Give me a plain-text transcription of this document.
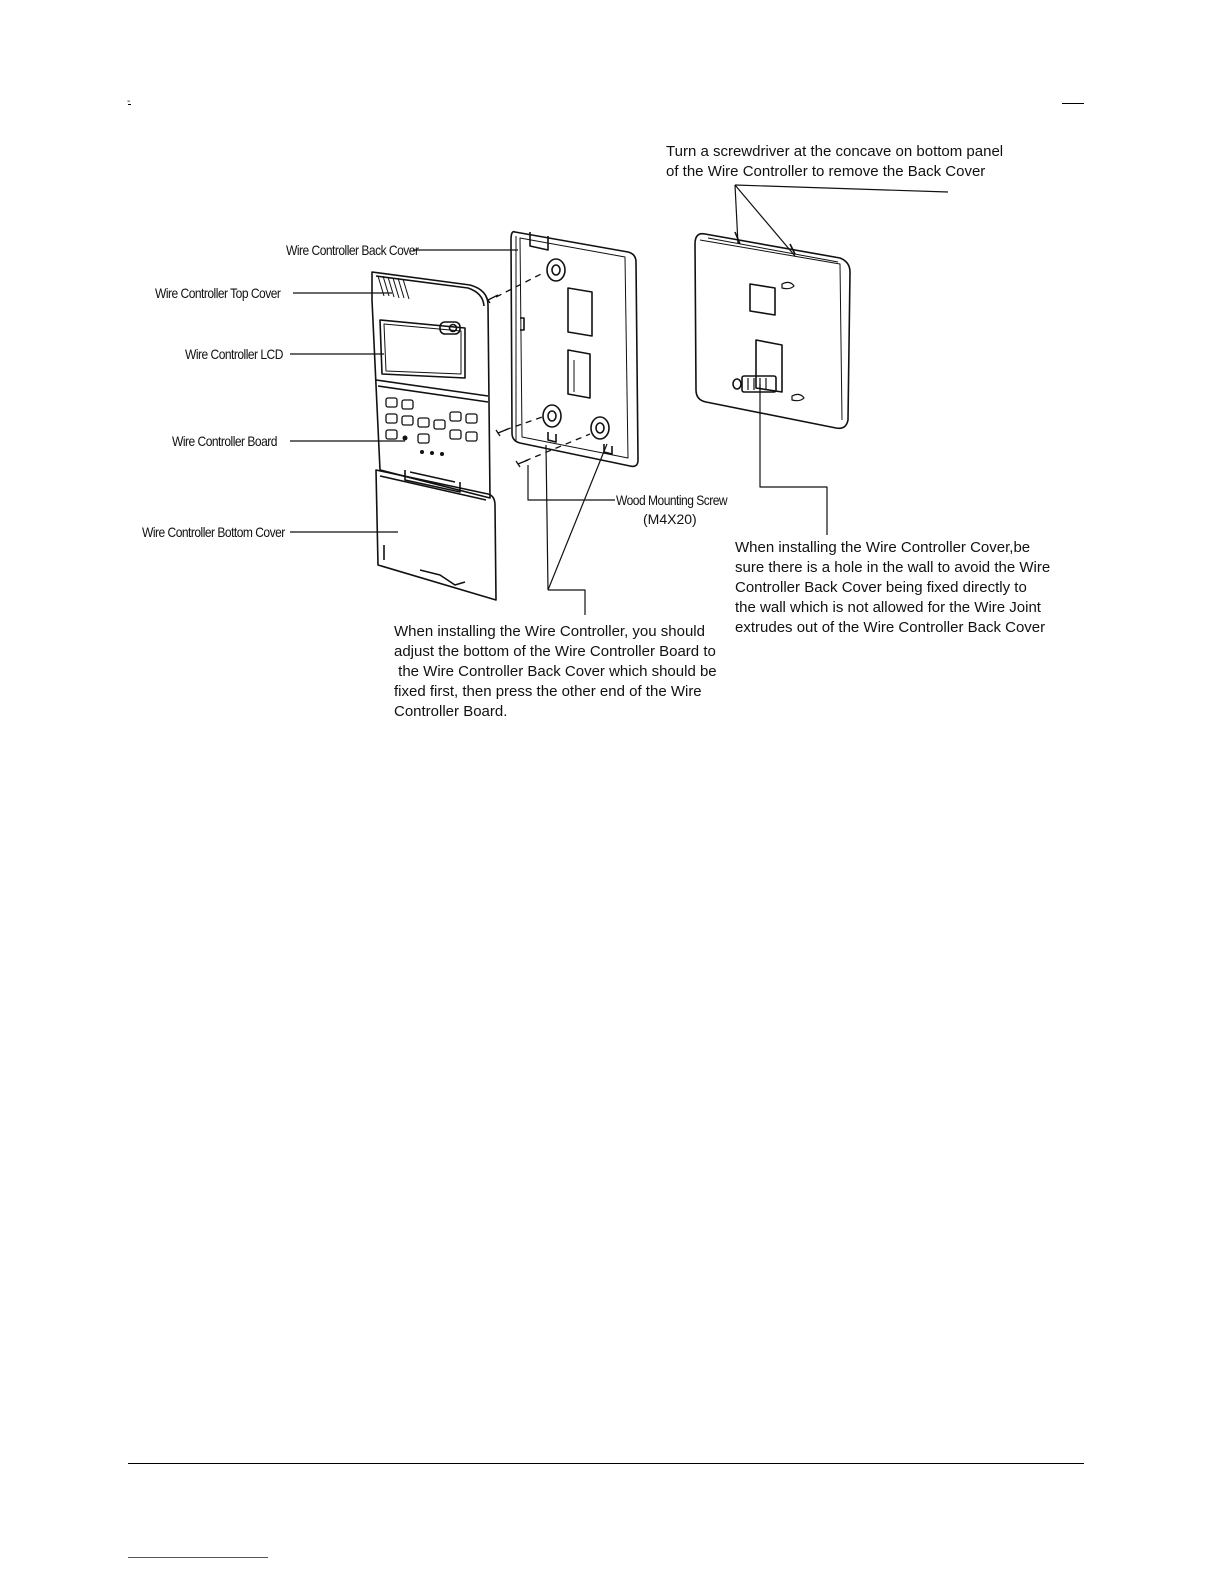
-
Wire Controller Back Cover
Wire Controller Top Cover
Wire Controller LCD
Wire Controller Board
Wire Controller Bottom Cover
Wood Mounting Screw
(M4X20)
Turn a screwdriver at the concave on bottom panel
of the Wire Controller to remove the Back Cover
When installing the Wire Controller Cover,be
sure there is a hole in the wall to avoid the Wire
Controller Back Cover being fixed directly to
the wall which is not allowed for the Wire Joint
extrudes out of the Wire Controller Back Cover
When installing the Wire Controller, you should
adjust the bottom of the Wire Controller Board to
the Wire Controller Back Cover which should be
fixed first, then press the other end of the Wire
Controller Board.
